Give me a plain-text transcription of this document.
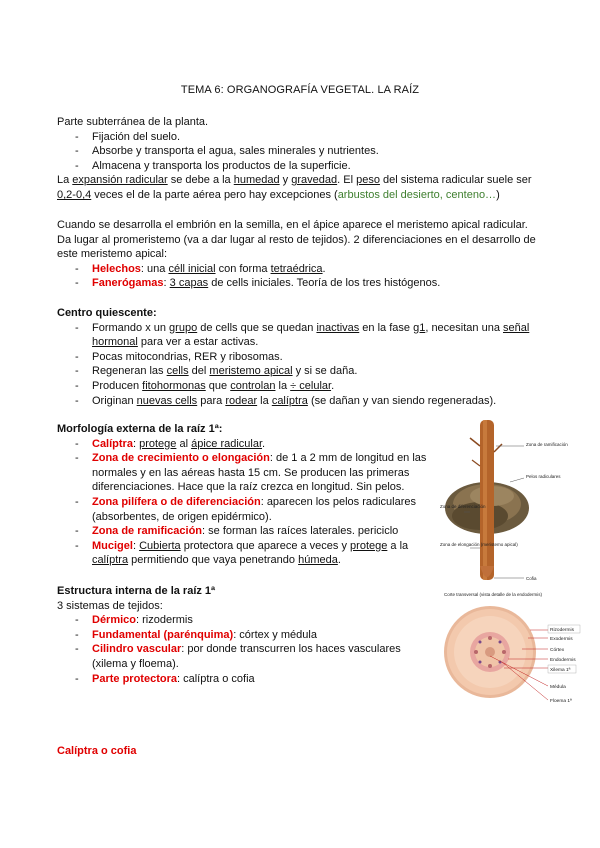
TEMA 6: ORGANOGRAFÍA VEGETAL. LA RAÍZ
Parte subterránea de la planta.
- Fijación del suelo.
- Absorbe y transporta el agua, sales minerales y nutrientes.
- Almacena y transporta los productos de la superficie.
La expansión radicular se debe a la humedad y gravedad. El peso del sistema radicular suele ser
0,2-0,4 veces el de la parte aérea pero hay excepciones (arbustos del desierto, centeno…)
Cuando se desarrolla el embrión en la semilla, en el ápice aparece el meristemo apical radicular.
Da lugar al promeristemo (va a dar lugar al resto de tejidos). 2 diferenciaciones en el desarrollo de
este meristemo apical:
- Helechos: una céll inicial con forma tetraédrica.
- Fanerógamas: 3 capas de cells iniciales. Teoría de los tres histógenos.
Centro quiescente:
- Formando x un grupo de cells que se quedan inactivas en la fase g1, necesitan una señal
hormonal para ver a estar activas.
- Pocas mitocondrias, RER y ribosomas.
- Regeneran las cells del meristemo apical y si se daña.
- Producen fitohormonas que controlan la ÷ celular.
- Originan nuevas cells para rodear la calíptra (se dañan y van siendo regeneradas).
Morfología externa de la raíz 1ª:
- Calíptra: protege al ápice radicular.
- Zona de crecimiento o elongación: de 1 a 2 mm de longitud en las
normales y en las aéreas hasta 15 cm. Se producen las primeras
diferenciaciones. Hace que la raíz crezca en longitud. Sin pelos.
- Zona pilífera o de diferenciación: aparecen los pelos radiculares
(absorbentes, de origen epidérmico).
- Zona de ramificación: se forman las raíces laterales. periciclo
- Mucigel: Cubierta protectora que aparece a veces y protege a la
calíptra permitiendo que vaya penetrando húmeda.
Estructura interna de la raíz 1ª
3 sistemas de tejidos:
- Dérmico: rizodermis
- Fundamental (parénquima): córtex y médula
- Cilindro vascular: por donde transcurren los haces vasculares
(xilema y floema).
- Parte protectora: calíptra o cofia
Calíptra o cofia
Zona de ramificación
Pelos radiculares
Zona de diferenciación
Zona de elongación (meristemo apical)
Cofia
Corte transversal (vista detalle de la endodermis)
Rizodermis
Exodermis
Córtex
Endodermis
Xilema 1ª
Médula
Floema 1ª
